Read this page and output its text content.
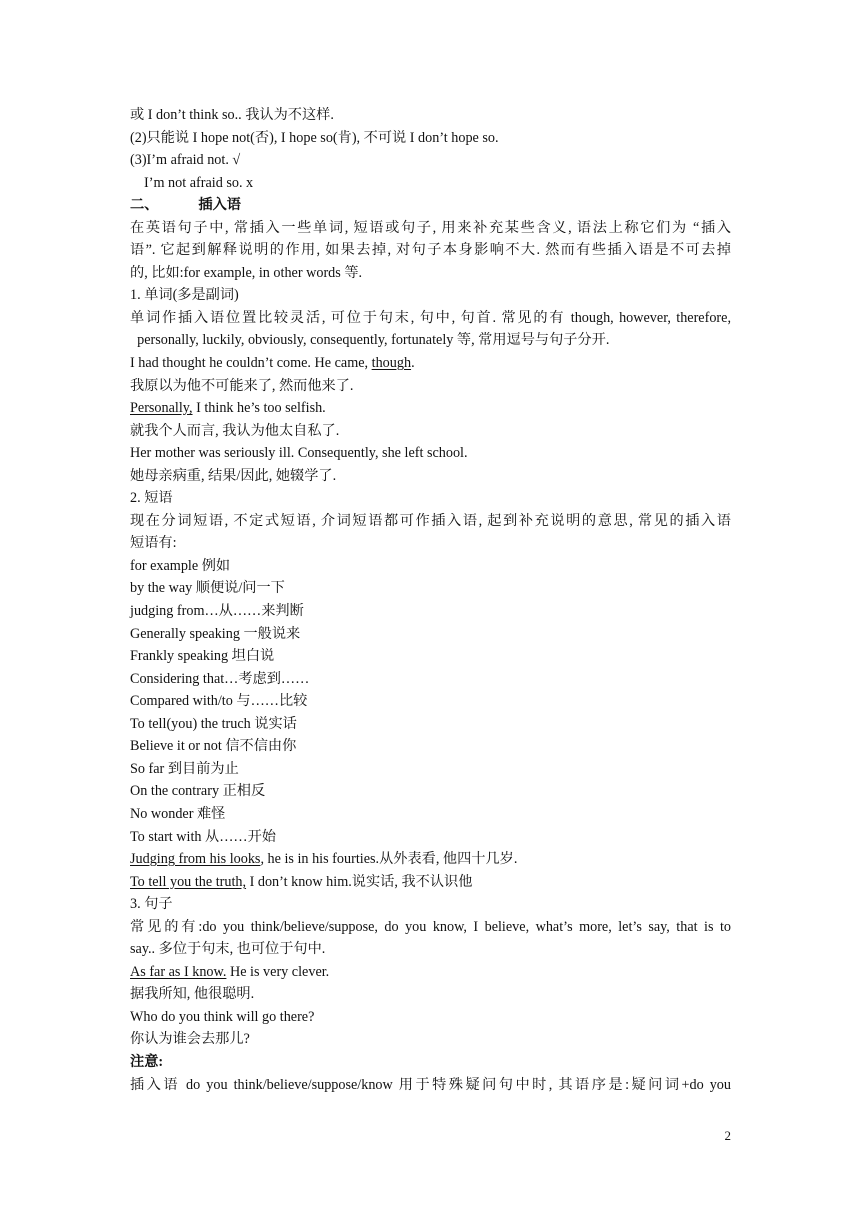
或 I don’t think so.. 我认为不这样.
(2)只能说 I hope not(否), I hope so(肯), 不可说 I don’t hope so.
(3)I’m afraid not. √
I’m not afraid so. x
二、	插入语
在英语句子中, 常插入一些单词, 短语或句子, 用来补充某些含义, 语法上称它们为 “插入
语”. 它起到解释说明的作用, 如果去掉, 对句子本身影响不大. 然而有些插入语是不可去掉
的, 比如:for example, in other words 等.
1. 单词(多是副词)
单词作插入语位置比较灵活, 可位于句末, 句中, 句首. 常见的有 though, however, therefore,
personally, luckily, obviously, consequently, fortunately 等, 常用逗号与句子分开.
I had thought he couldn’t come. He came, though.
我原以为他不可能来了, 然而他来了.
Personally, I think he’s too selfish.
就我个人而言, 我认为他太自私了.
Her mother was seriously ill. Consequently, she left school.
她母亲病重, 结果/因此, 她辍学了.
2. 短语
现在分词短语, 不定式短语, 介词短语都可作插入语, 起到补充说明的意思, 常见的插入语
短语有:
for example 例如
by the way 顺便说/问一下
judging from…从……来判断
Generally speaking 一般说来
Frankly speaking 坦白说
Considering that…考虑到……
Compared with/to 与……比较
To tell(you) the truch 说实话
Believe it or not 信不信由你
So far 到目前为止
On the contrary 正相反
No wonder 难怪
To start with 从……开始
Judging from his looks, he is in his fourties.从外表看, 他四十几岁.
To tell you the truth, I don’t know him.说实话, 我不认识他
3. 句子
常见的有:do you think/believe/suppose, do you know, I believe, what’s more, let’s say, that is to
say.. 多位于句末, 也可位于句中.
As far as I know. He is very clever.
据我所知, 他很聪明.
Who do you think will go there?
你认为谁会去那儿?
注意:
插入语 do you think/believe/suppose/know 用于特殊疑问句中时, 其语序是:疑问词+do you
2
